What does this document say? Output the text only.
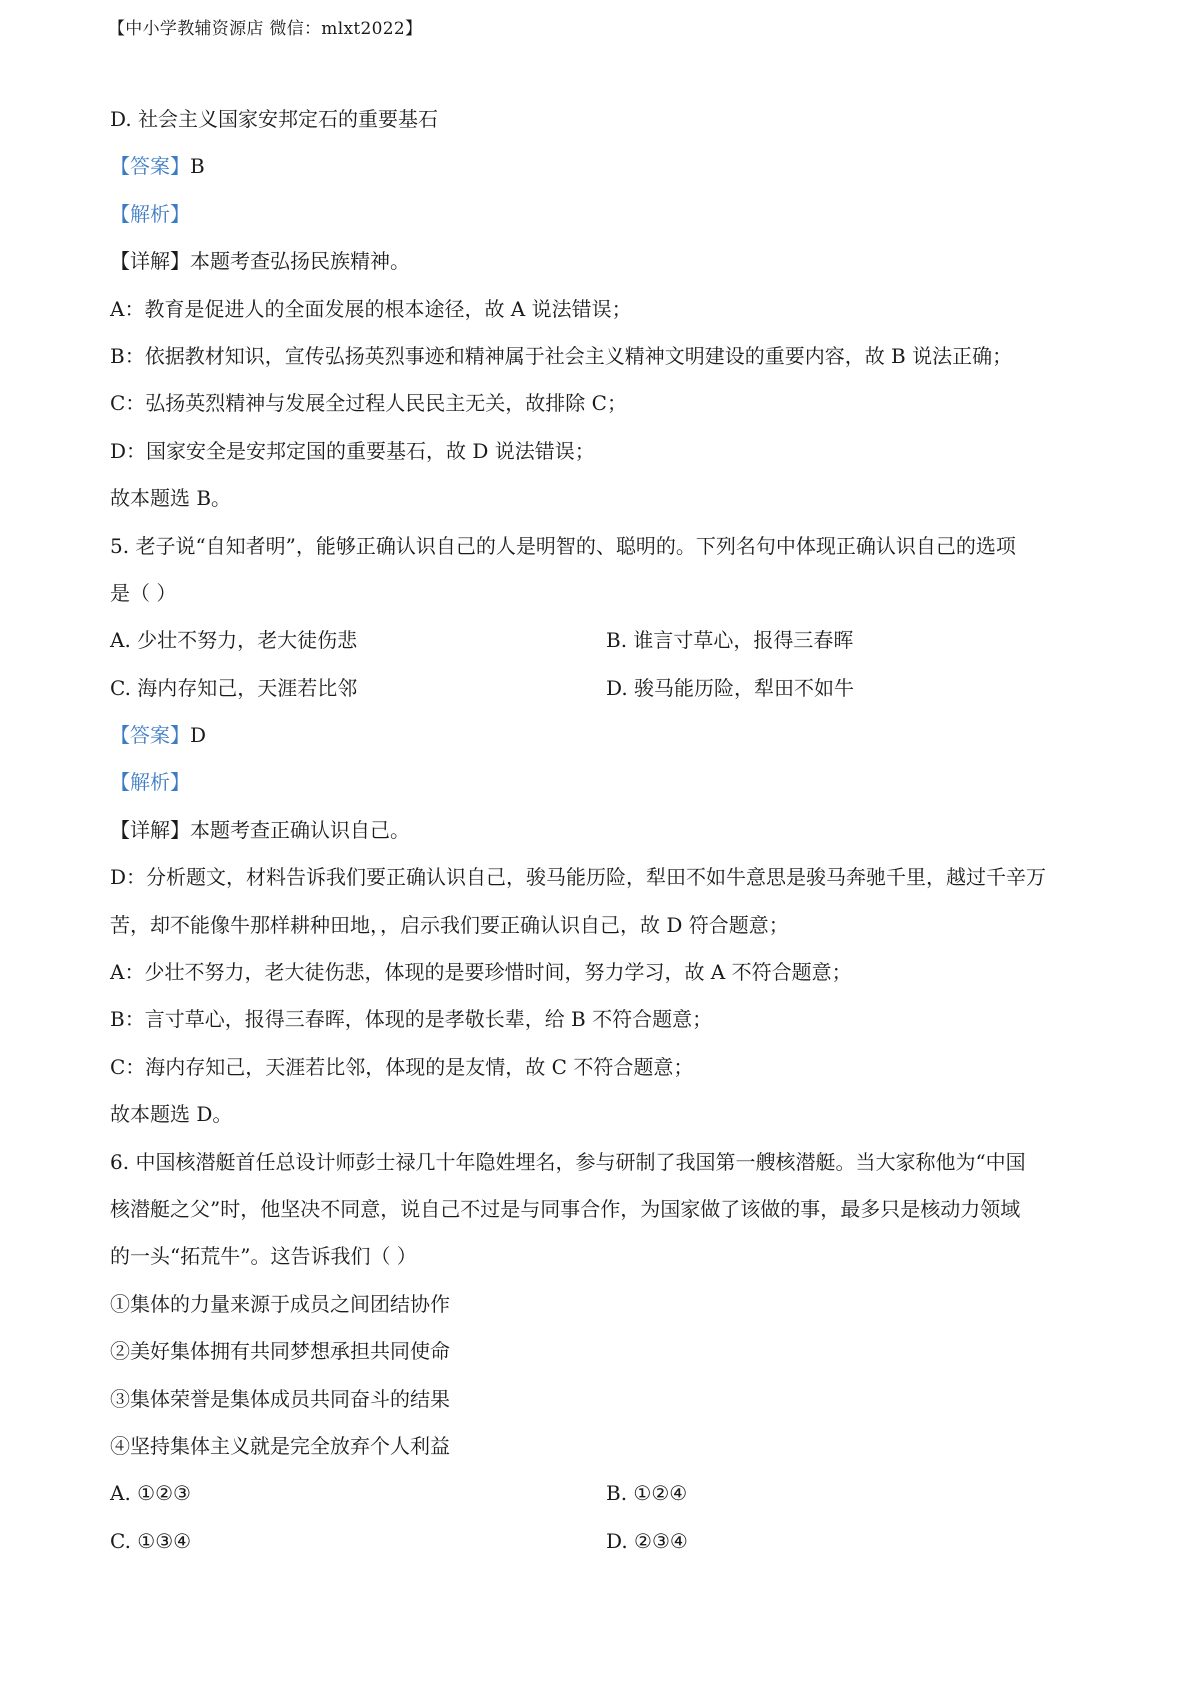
【中小学教辅资源店 微信：mlxt2022】
D. 社会主义国家安邦定石的重要基石
【答案】B
【解析】
【详解】本题考查弘扬民族精神。
A：教育是促进人的全面发展的根本途径，故 A 说法错误；
B：依据教材知识，宣传弘扬英烈事迹和精神属于社会主义精神文明建设的重要内容，故 B 说法正确；
C：弘扬英烈精神与发展全过程人民民主无关，故排除 C；
D：国家安全是安邦定国的重要基石，故 D 说法错误；
故本题选 B。
5. 老子说“自知者明”，能够正确认识自己的人是明智的、聪明的。下列名句中体现正确认识自己的选项
是（ ）
A. 少壮不努力，老大徒伤悲	B. 谁言寸草心，报得三春晖
C. 海内存知己，天涯若比邻	D. 骏马能历险，犁田不如牛
【答案】D
【解析】
【详解】本题考查正确认识自己。
D：分析题文，材料告诉我们要正确认识自己，骏马能历险，犁田不如牛意思是骏马奔驰千里，越过千辛万
苦，却不能像牛那样耕种田地，，启示我们要正确认识自己，故 D 符合题意；
A：少壮不努力，老大徒伤悲，体现的是要珍惜时间，努力学习，故 A 不符合题意；
B：言寸草心，报得三春晖，体现的是孝敬长辈，给 B 不符合题意；
C：海内存知己，天涯若比邻，体现的是友情，故 C 不符合题意；
故本题选 D。
6. 中国核潜艇首任总设计师彭士禄几十年隐姓埋名，参与研制了我国第一艘核潜艇。当大家称他为“中国
核潜艇之父”时，他坚决不同意，说自己不过是与同事合作，为国家做了该做的事，最多只是核动力领域
的一头“拓荒牛”。这告诉我们（ ）
①集体的力量来源于成员之间团结协作
②美好集体拥有共同梦想承担共同使命
③集体荣誉是集体成员共同奋斗的结果
④坚持集体主义就是完全放弃个人利益
A. ①②③	B. ①②④
C. ①③④	D. ②③④
